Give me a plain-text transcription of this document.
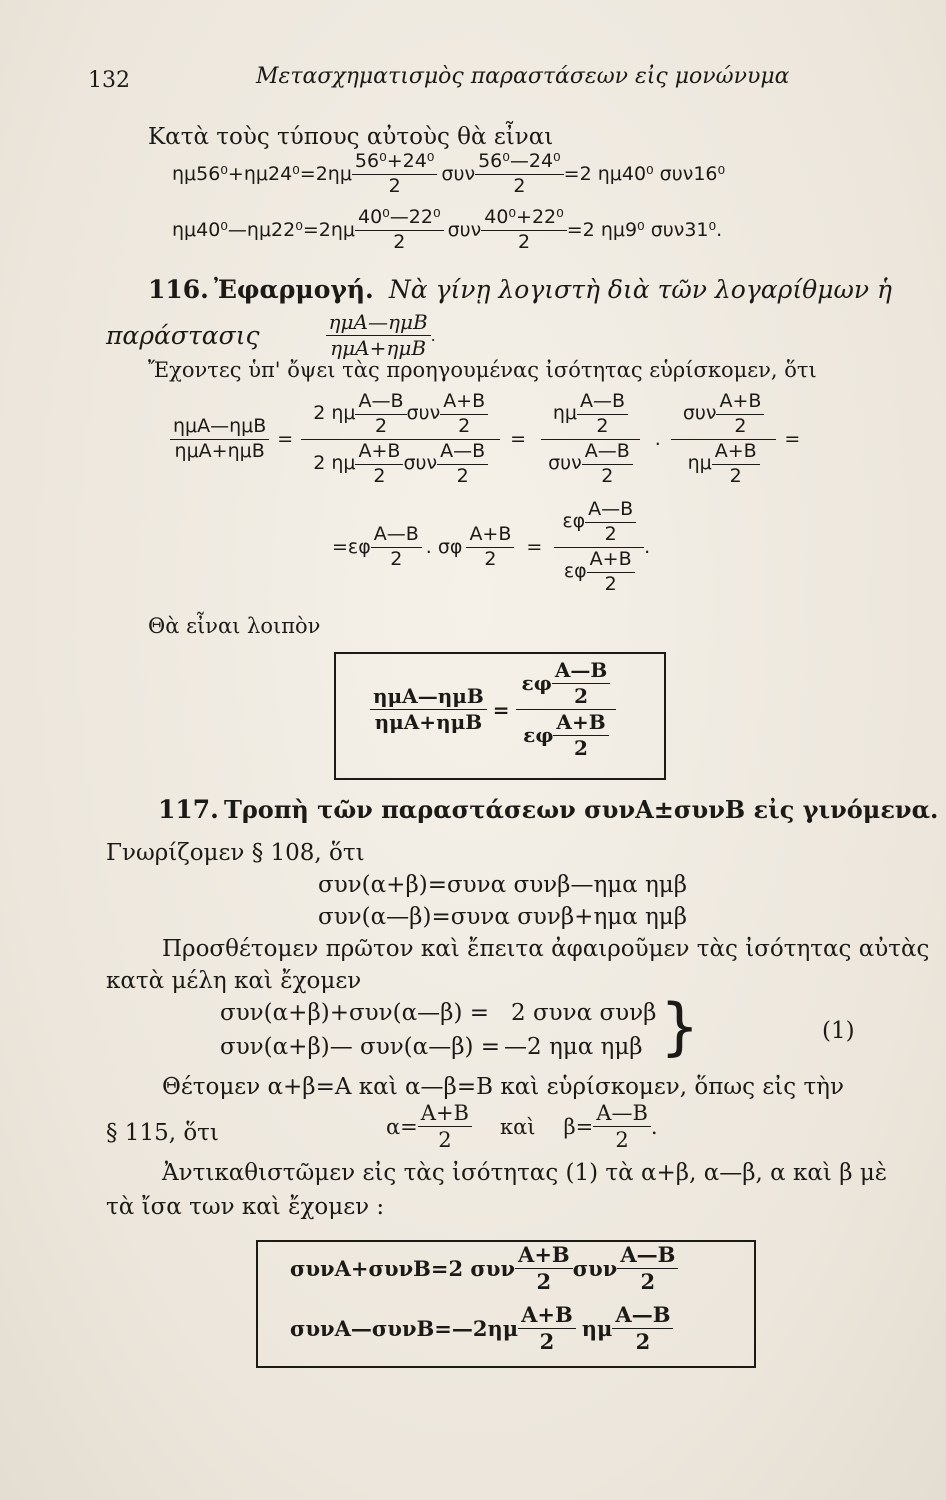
132	Μετασχηματισμὸς παραστάσεων εἰς μονώνυμα
Κατὰ τοὺς τύπους αὐτοὺς θὰ εἶναι
$\eta\mu 56^0+\eta\mu 24^0=2\eta\mu \frac{\text{56⁰+24⁰}}{2}$ συν $\frac{\text{56⁰—24⁰}}{2} =2$ ημ40⁰ συν16⁰
ημ40⁰—ημ22⁰=2ημ $\frac{\text{40⁰—22⁰}}{2}$ συν $\frac{\text{40⁰+22⁰}}{2} =2$ ημ9⁰ συν31⁰.
116. Ἐφαρμογή. Νὰ γίνῃ λογιστὴ διὰ τῶν λογαρίθμων ἡ
παράστασις	$\frac{\text{ημA—ημB}}{\text{ημA+ημB}}$ .
Ἔχοντες ὑπ' ὄψει τὰς προηγουμένας ἰσότητας εὑρίσκομεν, ὅτι
$\frac{\text{ημA—ημB}}{\text{ημA+ημB}} = \frac{2 \eta\mu \frac{A—B}{2} \sigma\upsilon\nu \frac{A+B}{2}}{2 \eta\mu \frac{A+B}{2} \sigma\upsilon\nu \frac{A—B}{2}} = \frac{\eta\mu \frac{A—B}{2}}{\sigma\upsilon\nu \frac{A—B}{2}}$ . $\frac{\sigma\upsilon\nu \frac{A+B}{2}}{\eta\mu \frac{A+B}{2}}$ =
$=\varepsilon\varphi \frac{A—B}{2}$ . σφ $\frac{A+B}{2} = \frac{\varepsilon\varphi \frac{A—B}{2}}{\varepsilon\varphi \frac{A+B}{2}}$ .
Θὰ εἶναι λοιπὸν
$\frac{\text{ημA—ημB}}{\text{ημA+ημB}} = \frac{\varepsilon\varphi \frac{A—B}{2}}{\varepsilon\varphi \frac{A+B}{2}}$
117. Τροπὴ τῶν παραστάσεων συνA±συνB εἰς γινόμενα.
Γνωρίζομεν § 108, ὅτι
συν(α+β)=συνα συνβ—ημα ημβ
συν(α—β)=συνα συνβ+ημα ημβ
Προσθέτομεν πρῶτον καὶ ἔπειτα ἀφαιροῦμεν τὰς ἰσότητας αὐτὰς
κατὰ μέλη καὶ ἔχομεν
συν(α+β)+συν(α—β) = 2 συνα συνβ
συν(α+β)— συν(α—β) = —2 ημα ημβ }	(1)
Θέτομεν α+β=A καὶ α—β=B καὶ εὑρίσκομεν, ὅπως εἰς τὴν
§ 115, ὅτι	$\alpha= \frac{A+B}{2}$ καὶ $\beta= \frac{A—B}{2}$ .
Ἀντικαθιστῶμεν εἰς τὰς ἰσότητας (1) τὰ α+β, α—β, α καὶ β μὲ
τὰ ἴσα των καὶ ἔχομεν :
συνA+συνB=2 συν $\frac{A+B}{2}$ συν $\frac{A—B}{2}$
συνA—συνB=—2ημ $\frac{A+B}{2}$ ημ $\frac{A—B}{2}$
